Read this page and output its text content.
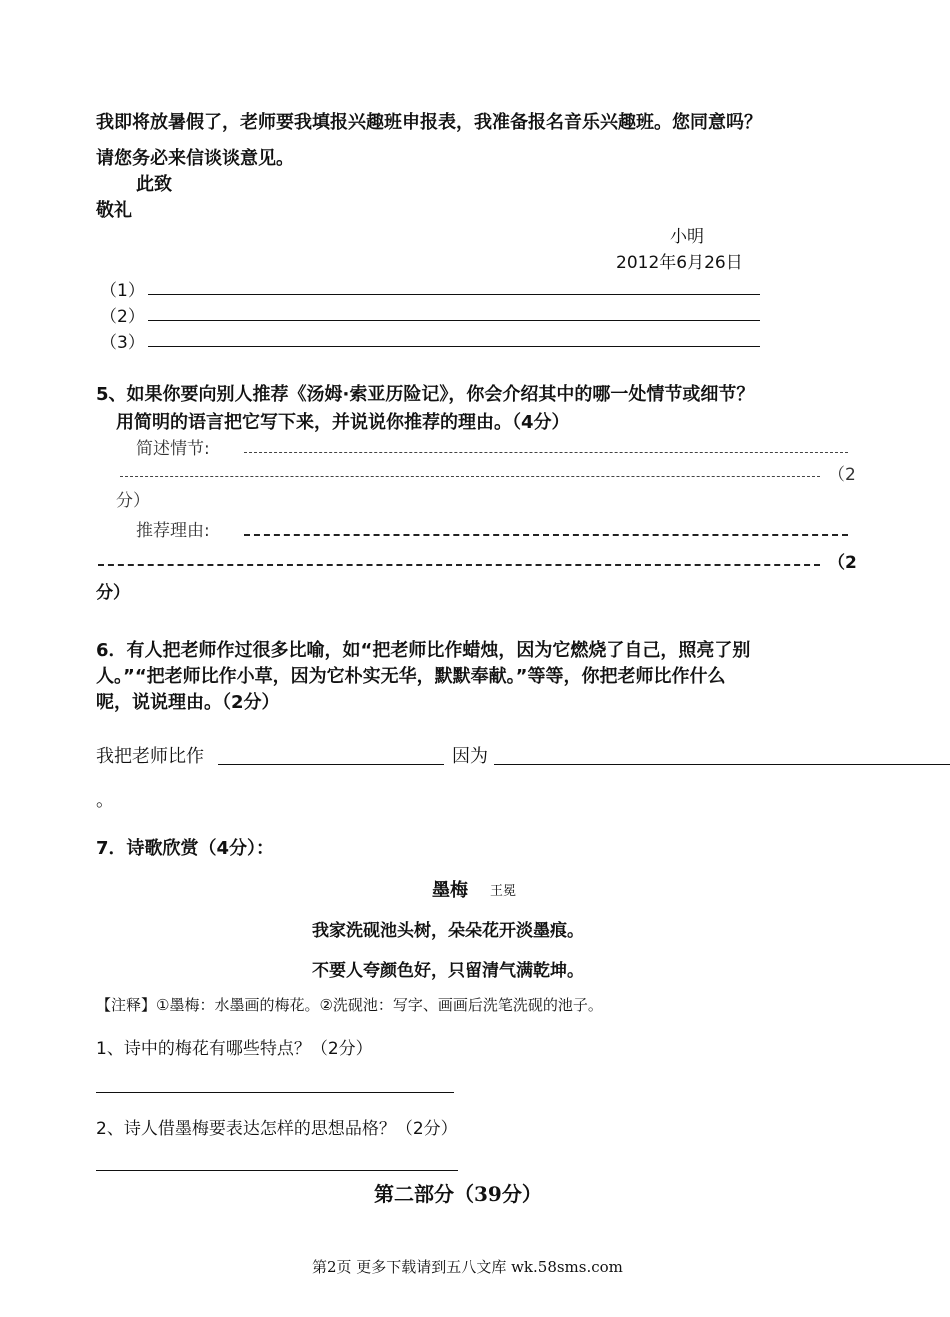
我即将放暑假了，老师要我填报兴趣班申报表，我准备报名音乐兴趣班。您同意吗？
请您务必来信谈谈意见。
此致
敬礼
小明
2012年6月26日
（1）
（2）
（3）
5、如果你要向别人推荐《汤姆·索亚历险记》，你会介绍其中的哪一处情节或细节？
用简明的语言把它写下来，并说说你推荐的理由。（4分）
简述情节:
（2
分）
推荐理由:
（2
分）
6．有人把老师作过很多比喻，如“把老师比作蜡烛，因为它燃烧了自己，照亮了别
人。”“把老师比作小草，因为它朴实无华，默默奉献。”等等，你把老师比作什么
呢，说说理由。（2分）
我把老师比作	因为
。
7．诗歌欣赏（4分）：
墨梅 王冕
我家洗砚池头树，朵朵花开淡墨痕。
不要人夸颜色好，只留清气满乾坤。
【注释】①墨梅：水墨画的梅花。②洗砚池：写字、画画后洗笔洗砚的池子。
1、诗中的梅花有哪些特点？（2分）
2、诗人借墨梅要表达怎样的思想品格？（2分）
第二部分（39分）
第2页 更多下载请到五八文库 wk.58sms.com
